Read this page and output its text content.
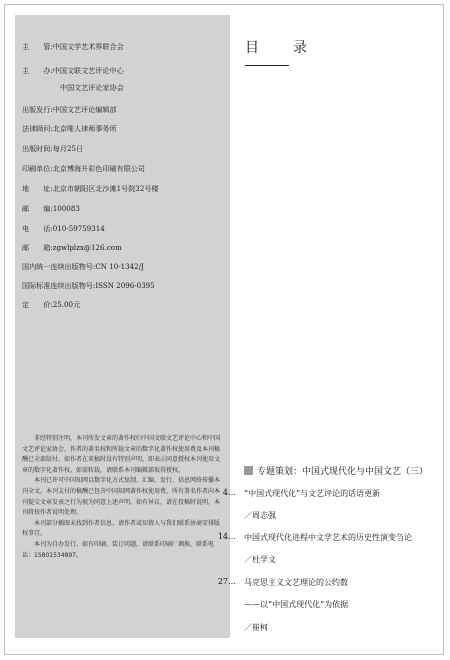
主　　管:中国文学艺术界联合会
主　　办:中国文联文艺评论中心
中国文艺评论家协会
出版发行:中国文艺评论编辑部
法律顾问:北京唯人律师事务所
出版时间:每月25日
印刷单位:北京博海升彩色印刷有限公司
地　　址:北京市朝阳区北沙滩1号院32号楼
邮　　编:100083
电　　话:010-59759314
邮　　箱:zgwlplzx@126.com
国内统一连续出版物号:CN 10-1342/J
国际标准连续出版物号:ISSN 2096-0395
定　　价:25.00元

非经特别注明，本刊所发文章的著作权归中国文联文艺评论中心和中国文艺评论家协会，作者的著名权和所载文章的数字化著作权使用费及本刊稿酬已全部给付。如作者在来稿时没有特别声明，即表示同意授权本刊使用文章的数字化著作权。如需转载，请联系本刊编辑部取得授权。

本刊已许可中国知网以数字化方式复制、汇编、发行、信息网络传播本刊全文。本刊支付的稿酬已包含中国知网著作权使用费，所有署名作者向本刊提交文章发表之行为视为同意上述声明。如有异议，请在投稿时说明，本刊将按作者说明处理。

本刊部分插图未找到作者信息，请作者或知情人与我们联系协商安排版权事宜。

本刊为自办发行。如有印刷、装订问题，请联系印刷厂调换，联系电话：15801534897。

目　录
专题策划：中国式现代化与中国文艺（三）
4… “中国式现代化”与文艺评论的话语更新
／周志强
14… 中国式现代化进程中文学艺术的历史性演变刍论
／杜学文
27… 马克思主义文艺理论的公约数
——以“中国式现代化”为依据
／崔柯
